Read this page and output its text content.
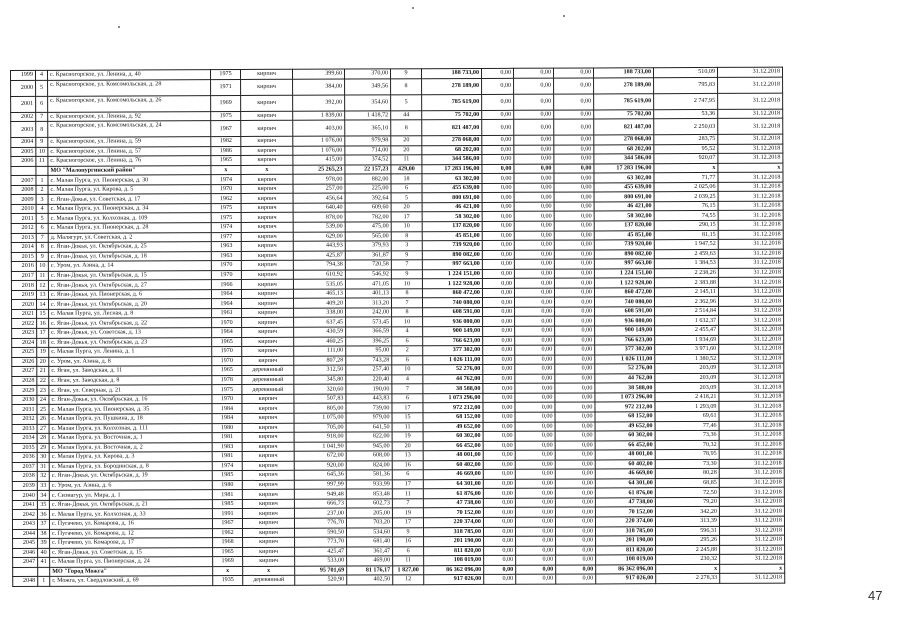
1999	4	с. Красногорское, ул. Ленина, д. 40	1975	кирпич	399,60	370,00	9	188 733,00	0,00	0,00	0,00	188 733,00	510,09	31.12.2018
2000	5	с. Красногорское, ул. Комсомольская, д. 28	1971	кирпич	384,00	349,56	8	278 189,00	0,00	0,00	0,00	278 189,00	795,83	31.12.2018
2001	6	с. Красногорское, ул. Комсомольская, д. 26	1969	кирпич	392,00	354,60	5	785 619,00	0,00	0,00	0,00	785 619,00	2 747,95	31.12.2018
2002	7	с. Красногорское, ул. Ленина, д. 92	1975	кирпич	1 839,00	1 418,72	44	75 702,00	0,00	0,00	0,00	75 702,00	53,36	31.12.2018
2003	8	с. Красногорское, ул. Комсомольская, д. 24	1967	кирпич	403,00	365,10	8	821 487,00	0,00	0,00	0,00	821 487,00	2 250,03	31.12.2018
2004	9	с. Красногорское, ул. Ленина, д. 59	1982	кирпич	1 076,00	979,98	20	278 068,00	0,00	0,00	0,00	278 068,00	283,75	31.12.2018
2005	10	с. Красногорское, ул. Ленина, д. 57	1986	кирпич	1 076,00	714,00	20	68 202,00	0,00	0,00	0,00	68 202,00	95,52	31.12.2018
2006	11	с. Красногорское, ул. Ленина, д. 76	1965	кирпич	415,00	374,52	11	344 586,00	0,00	0,00	0,00	344 586,00	920,07	31.12.2018
		МО "Малопургинский район"	x	x	25 265,23	22 157,23	429,00	17 283 196,00	0,00	0,00	0,00	17 283 196,00	x	x
2007	1	с. Малая Пурга, ул. Пионерская, д. 30	1974	кирпич	978,00	882,00	18	63 302,00	0,00	0,00	0,00	63 302,00	71,77	31.12.2018
2008	2	с. Малая Пурга, ул. Кирова, д. 5	1970	кирпич	257,00	225,00	6	455 639,00	0,00	0,00	0,00	455 639,00	2 025,06	31.12.2018
2009	3	с. Яган-Докья, ул. Советская, д. 17	1962	кирпич	456,64	392,64	5	800 691,00	0,00	0,00	0,00	800 691,00	2 039,25	31.12.2018
2010	4	с. Малая Пурга, ул. Пионерская, д. 34	1975	кирпич	640,40	609,60	20	46 421,00	0,00	0,00	0,00	46 421,00	76,15	31.12.2018
2011	5	с. Малая Пурга, ул. Колхозная, д. 109	1975	кирпич	878,00	782,00	17	58 302,00	0,00	0,00	0,00	58 302,00	74,55	31.12.2018
2012	6	с. Малая Пурга, ул. Пионерская, д. 28	1974	кирпич	539,00	475,00	10	137 820,00	0,00	0,00	0,00	137 820,00	290,15	31.12.2018
2013	7	д. Малягурт, ул. Советская, д. 2	1977	кирпич	629,00	565,00	8	45 851,00	0,00	0,00	0,00	45 851,00	81,15	31.12.2018
2014	8	с. Яган-Докья, ул. Октябрьская, д. 25	1963	кирпич	443,93	379,93	3	739 920,00	0,00	0,00	0,00	739 920,00	1 947,52	31.12.2018
2015	9	с. Яган-Докья, ул. Октябрьская, д. 18	1963	кирпич	425,87	361,87	9	890 082,00	0,00	0,00	0,00	890 082,00	2 459,63	31.12.2018
2016	10	с. Уром, ул. Азина, д. 14	1970	кирпич	794,38	720,58	7	997 663,00	0,00	0,00	0,00	997 663,00	1 384,53	31.12.2018
2017	11	с. Яган-Докья, ул. Октябрьская, д. 15	1970	кирпич	610,92	546,92	9	1 224 151,00	0,00	0,00	0,00	1 224 151,00	2 238,26	31.12.2018
2018	12	с. Яган-Докья, ул. Октябрьская, д. 27	1966	кирпич	535,05	471,05	10	1 122 928,00	0,00	0,00	0,00	1 122 928,00	2 383,88	31.12.2018
2019	13	с. Яган-Докья, ул. Пионерская, д. 6	1964	кирпич	465,13	401,13	8	860 472,00	0,00	0,00	0,00	860 472,00	2 145,11	31.12.2018
2020	14	с. Яган-Докья, ул. Октябрьская, д. 20	1964	кирпич	409,20	313,20	7	740 080,00	0,00	0,00	0,00	740 080,00	2 362,96	31.12.2018
2021	15	с. Малая Пурга, ул. Лесная, д. 8	1961	кирпич	338,00	242,00	8	608 591,00	0,00	0,00	0,00	608 591,00	2 514,84	31.12.2018
2022	16	с. Яган-Докья, ул. Октябрьская, д. 22	1970	кирпич	637,45	573,45	10	936 080,00	0,00	0,00	0,00	936 080,00	1 632,37	31.12.2018
2023	17	с. Яган-Докья, ул. Советская, д. 13	1964	кирпич	430,59	366,59	4	900 149,00	0,00	0,00	0,00	900 149,00	2 455,47	31.12.2018
2024	18	с. Яган-Докья, ул. Октябрьская, д. 23	1965	кирпич	460,25	396,25	6	766 623,00	0,00	0,00	0,00	766 623,00	1 934,69	31.12.2018
2025	19	с. Малая Пурга, ул. Ленина, д. 1	1970	кирпич	111,00	95,00	2	377 302,00	0,00	0,00	0,00	377 302,00	3 971,60	31.12.2018
2026	20	с. Уром, ул. Азина, д. 8	1970	кирпич	807,28	743,28	6	1 026 111,00	0,00	0,00	0,00	1 026 111,00	1 380,52	31.12.2018
2027	21	с. Яган, ул. Заводская, д. 11	1965	деревянный	312,50	257,40	10	52 276,00	0,00	0,00	0,00	52 276,00	203,09	31.12.2018
2028	22	с. Яган, ул. Заводская, д. 8	1978	деревянный	345,80	220,40	4	44 762,00	0,00	0,00	0,00	44 762,00	203,09	31.12.2018
2029	23	с. Яган, ул. Северная, д. 21	1975	деревянный	320,60	190,00	7	38 588,00	0,00	0,00	0,00	38 588,00	203,09	31.12.2018
2030	24	с. Яган-Докья, ул. Октябрьская, д. 16	1970	кирпич	507,83	443,83	6	1 073 296,00	0,00	0,00	0,00	1 073 296,00	2 418,21	31.12.2018
2031	25	с. Малая Пурга, ул. Пионерская, д. 35	1984	кирпич	805,00	739,00	17	972 212,00	0,00	0,00	0,00	972 212,00	1 293,09	31.12.2018
2032	26	с. Малая Пурга, ул. Пушкина, д. 18	1984	кирпич	1 075,00	979,00	15	68 152,00	0,00	0,00	0,00	68 152,00	69,61	31.12.2018
2033	27	с. Малая Пурга, ул. Колхозная, д. 111	1980	кирпич	705,00	641,50	11	49 652,00	0,00	0,00	0,00	49 652,00	77,46	31.12.2018
2034	28	с. Малая Пурга, ул. Восточная, д. 1	1981	кирпич	918,00	822,00	19	60 302,00	0,00	0,00	0,00	60 302,00	73,36	31.12.2018
2035	29	с. Малая Пурга, ул. Восточная, д. 2	1983	кирпич	1 041,90	945,00	20	66 452,00	0,00	0,00	0,00	66 452,00	70,32	31.12.2018
2036	30	с. Малая Пурга, ул. Кирова, д. 3	1981	кирпич	672,00	608,00	13	48 001,00	0,00	0,00	0,00	48 001,00	78,95	31.12.2018
2037	31	с. Малая Пурга, ул. Бородинская, д. 8	1974	кирпич	920,00	824,00	16	60 402,00	0,00	0,00	0,00	60 402,00	73,30	31.12.2018
2038	32	с. Яган-Докья, ул. Октябрьская, д. 19	1985	кирпич	645,36	581,36	6	46 669,00	0,00	0,00	0,00	46 669,00	80,28	31.12.2018
2039	33	с. Уром, ул. Азина, д. 6	1980	кирпич	997,99	933,99	17	64 301,00	0,00	0,00	0,00	64 301,00	68,85	31.12.2018
2040	34	с. Сизиагур, ул. Мира, д. 1	1981	кирпич	949,48	853,48	11	61 876,00	0,00	0,00	0,00	61 876,00	72,50	31.12.2018
2041	35	с. Яган-Докья, ул. Октябрьская, д. 21	1985	кирпич	666,73	602,73	7	47 738,00	0,00	0,00	0,00	47 738,00	79,20	31.12.2018
2042	36	с. Малая Пурга, ул. Колхозная, д. 33	1991	кирпич	237,00	205,00	19	70 152,00	0,00	0,00	0,00	70 152,00	342,20	31.12.2018
2043	37	с. Пугачево, ул. Комарова, д. 16	1967	кирпич	776,70	703,20	17	220 374,00	0,00	0,00	0,00	220 374,00	313,39	31.12.2018
2044	38	с. Пугачево, ул. Комарова, д. 12	1962	кирпич	590,50	534,60	9	318 785,00	0,00	0,00	0,00	318 785,00	596,31	31.12.2018
2045	39	с. Пугачево, ул. Комарова, д. 17	1968	кирпич	773,70	681,40	16	201 190,00	0,00	0,00	0,00	201 190,00	295,26	31.12.2018
2046	40	с. Яган-Докья, ул. Советская, д. 15	1965	кирпич	425,47	361,47	6	811 820,00	0,00	0,00	0,00	811 820,00	2 245,88	31.12.2018
2047	41	с. Малая Пурга, ул. Пионерская, д. 24	1969	кирпич	533,00	469,00	11	108 019,00	0,00	0,00	0,00	108 019,00	230,32	31.12.2018
		МО "Город Можга"	x	x	95 701,69	81 176,17	1 827,00	86 362 096,00	0,00	0,00	0,00	86 362 096,00	x	x
2048	1	г. Можга, ул. Свердловский, д. 69	1935	деревянный	520,90	402,50	12	917 026,00	0,00	0,00	0,00	917 026,00	2 278,33	31.12.2018
47
